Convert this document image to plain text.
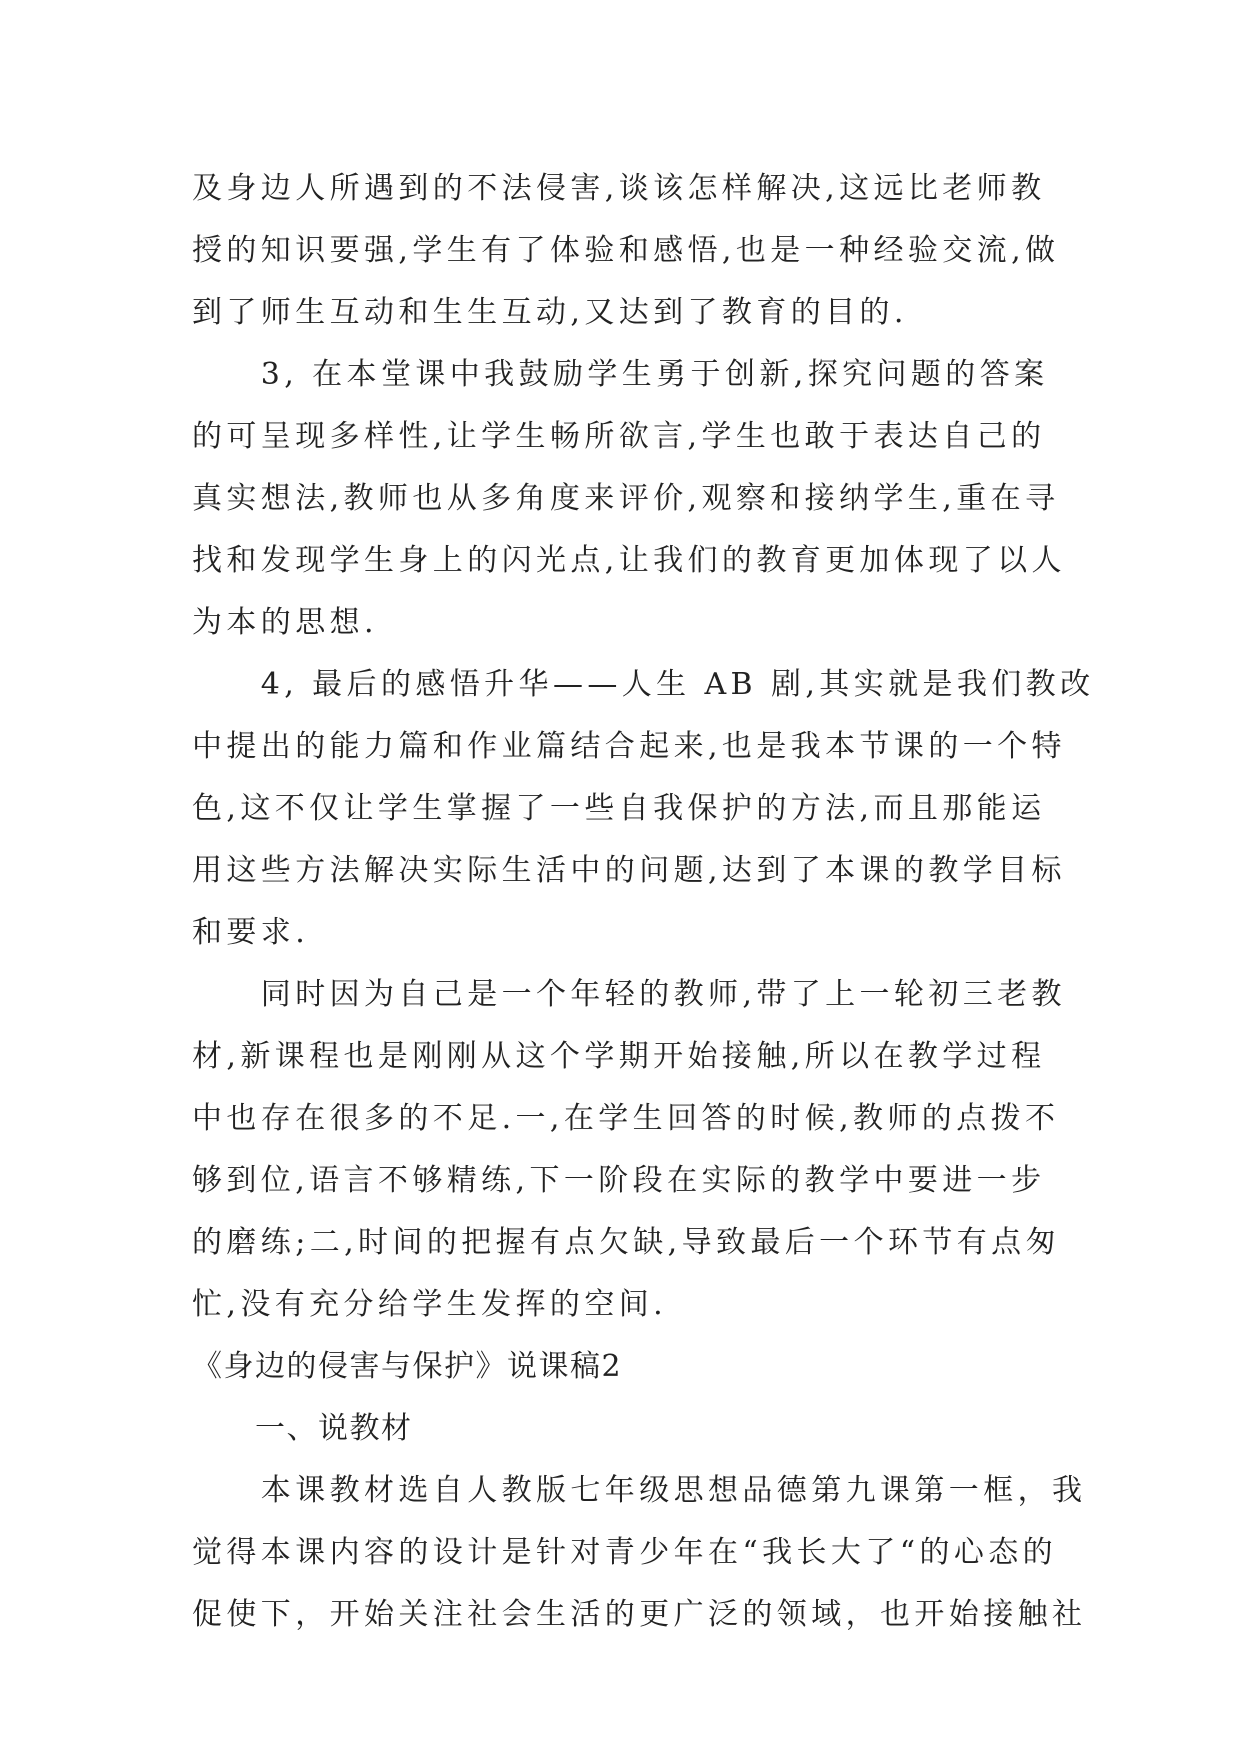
及身边人所遇到的不法侵害,谈该怎样解决,这远比老师教
授的知识要强,学生有了体验和感悟,也是一种经验交流,做
到了师生互动和生生互动,又达到了教育的目的.
　　3, 在本堂课中我鼓励学生勇于创新,探究问题的答案
的可呈现多样性,让学生畅所欲言,学生也敢于表达自己的
真实想法,教师也从多角度来评价,观察和接纳学生,重在寻
找和发现学生身上的闪光点,让我们的教育更加体现了以人
为本的思想.
　　4, 最后的感悟升华——人生 AB 剧,其实就是我们教改
中提出的能力篇和作业篇结合起来,也是我本节课的一个特
色,这不仅让学生掌握了一些自我保护的方法,而且那能运
用这些方法解决实际生活中的问题,达到了本课的教学目标
和要求.
　　同时因为自己是一个年轻的教师,带了上一轮初三老教
材,新课程也是刚刚从这个学期开始接触,所以在教学过程
中也存在很多的不足.一,在学生回答的时候,教师的点拨不
够到位,语言不够精练,下一阶段在实际的教学中要进一步
的磨练;二,时间的把握有点欠缺,导致最后一个环节有点匆
忙,没有充分给学生发挥的空间.
《身边的侵害与保护》说课稿2
　　一、说教材
　　本课教材选自人教版七年级思想品德第九课第一框，我
觉得本课内容的设计是针对青少年在“我长大了“的心态的
促使下，开始关注社会生活的更广泛的领域，也开始接触社
